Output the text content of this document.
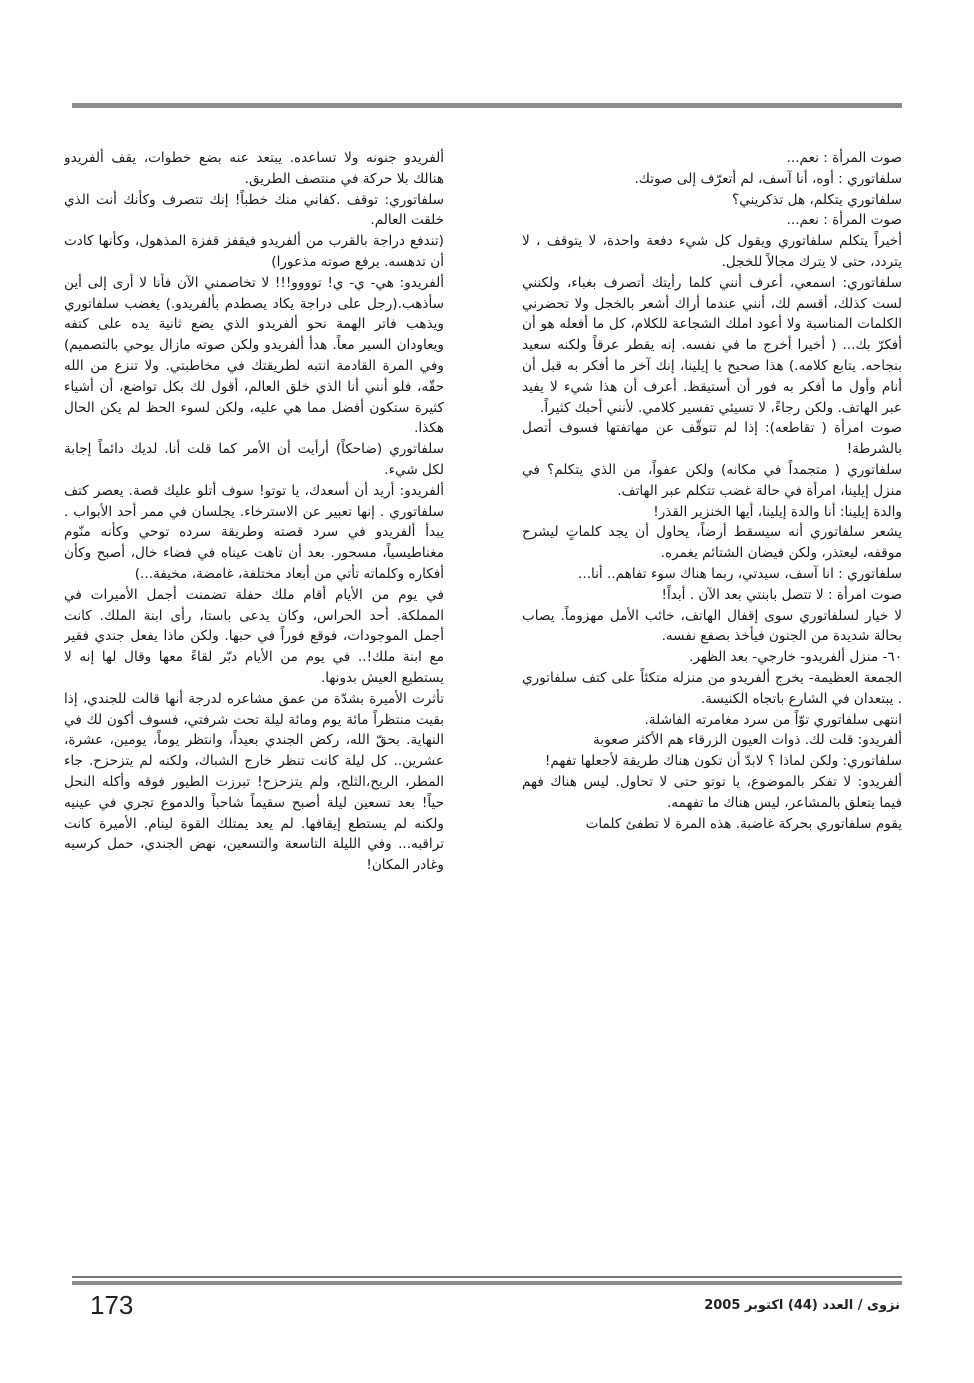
صوت المرأة : نعم...

سلفاتوري : أوه، أنا آسف، لم أتعرّف إلى صوتك.

سلفاتوري يتكلم، هل تذكريني؟

صوت المرأة : نعم...

أخيراً يتكلم سلفاتوري ويقول كل شيء دفعة واحدة، لا يتوقف ، لا يتردد، حتى لا يترك مجالاً للخجل.

سلفاتوري: اسمعي، أعرف أنني كلما رأيتك أتصرف بغباء، ولكنني لست كذلك، أقسم لك، أنني عندما أراك أشعر بالخجل ولا تحضرني الكلمات المناسبة ولا أعود املك الشجاعة للكلام، كل ما أفعله هو أن أفكرّ بك... ( أخيرا أخرج ما في نفسه. إنه يقطر عرقاً ولكنه سعيد بنجاحه. يتابع كلامه.) هذا صحيح يا إيلينا، إنك آخر ما أفكر به قبل أن أنام وأول ما أفكر به فور أن أستيقظ. أعرف أن هذا شيء لا يفيد عبر الهاتف. ولكن رجاءً، لا تسيئي تفسير كلامي. لأنني أحبك كثيراً.

صوت امرأة ( تقاطعه): إذا لم تتوقّف عن مهاتفتها فسوف أتصل بالشرطة!

سلفاتوري ( متجمداً في مكانه) ولكن عفواً، من الذي يتكلم؟ في منزل إيلينا، امرأة في حالة غضب تتكلم عبر الهاتف.

والدة إيلينا: أنا والدة إيلينا، أيها الخنزير القذر!

يشعر سلفاتوري أنه سيسقط أرضاً، يحاول أن يجد كلماتٍ ليشرح موقفه، ليعتذر، ولكن فيضان الشتائم يغمره.

سلفاتوري : انا آسف، سيدتي، ربما هناك سوء تفاهم.. أنا...

صوت امرأة : لا تتصل بابنتي بعد الآن . أبداً!

لا خيار لسلفاتوري سوى إقفال الهاتف، خائب الأمل مهزوماً. يصاب بحالة شديدة من الجنون فيأخذ بصفع نفسه.

٦٠- منزل ألفريدو- خارجي- بعد الظهر.

الجمعة العظيمة- يخرج ألفريدو من منزله متكئاً على كتف سلفاتوري . يبتعدان في الشارع باتجاه الكنيسة.

انتهى سلفاتوري توّاً من سرد مغامرته الفاشلة.

ألفريدو: قلت لك. ذوات العيون الزرقاء هم الأكثر صعوبة

سلفاتوري: ولكن لماذا ؟ لابدّ أن تكون هناك طريقة لأجعلها تفهم!

ألفريدو: لا تفكر بالموضوع، يا توتو حتى لا تحاول. ليس هناك فهم فيما يتعلق بالمشاعر، ليس هناك ما تفهمه.

يقوم سلفاتوري بحركة غاضبة. هذه المرة لا تطفئ كلمات

ألفريدو جنونه ولا تساعده. يبتعد عنه بضع خطوات، يقف ألفريدو هنالك بلا حركة في منتصف الطريق.

سلفاتوري: توقف .كفاني منك خطباً! إنك تتصرف وكأنك أنت الذي خلقت العالم.

(تندفع دراجة بالقرب من ألفريدو فيقفز قفزة المذهول، وكأنها كادت أن تدهسه. يرفع صوته مذعورا)

ألفريدو: هي- ي- ي! توووو!!! لا تخاصمني الآن فأنا لا أرى إلى أين سأذهب.(رجل على دراجة يكاد يصطدم بألفريدو.) يغضب سلفاتوري ويذهب فاتر الهمة نحو ألفريدو الذي يضع ثانية يده على كتفه ويعاودان السير معاً. هدأ ألفريدو ولكن صوته مازال يوحي بالتصميم) وفي المرة القادمة انتبه لطريقتك في مخاطبتي. ولا تنزع من الله حقّه، فلو أنني أنا الذي خلق العالم، أقول لك بكل تواضع، أن أشياء كثيرة ستكون أفضل مما هي عليه، ولكن لسوء الحظ لم يكن الحال هكذا.

سلفاتوري (ضاحكاً) أرأيت أن الأمر كما قلت أنا. لديك دائماً إجابة لكل شيء.

ألفريدو: أريد أن أسعدك، يا توتو! سوف أتلو عليك قصة. يعصر كتف سلفاتوري . إنها تعبير عن الاسترخاء. يجلسان في ممر أحد الأبواب . يبدأ ألفريدو في سرد قصته وطريقة سرده توحي وكأنه منّوم مغناطيسياً، مسحور. بعد أن تاهت عيناه في فضاء خال، أصبح وكأن أفكاره وكلماته تأتي من أبعاد مختلفة، غامضة، مخيفة...)

في يوم من الأيام أقام ملك حفلة تضمنت أجمل الأميرات في المملكة. أحد الحراس، وكان يدعى باستا، رأى ابنة الملك. كانت أجمل الموجودات، فوقع فوراً في حبها. ولكن ماذا يفعل جندي فقير مع ابنة ملك!.. في يوم من الأيام دبّر لقاءً معها وقال لها إنه لا يستطيع العيش بدونها.

تأثرت الأميرة بشدّة من عمق مشاعره لدرجة أنها قالت للجندي، إذا بقيت منتظراً مائة يوم ومائة ليلة تحت شرفتي، فسوف أكون لك في النهاية. بحقّ الله، ركض الجندي بعيداً، وانتظر يوماً، يومين، عشرة، عشرين.. كل ليلة كانت تنظر خارج الشباك، ولكنه لم يتزحزح. جاء المطر، الريح،الثلج، ولم يتزحزح! تبرزت الطيور فوقه وأكله النحل حياً! بعد تسعين ليلة أصبح سقيماً شاحباً والدموع تجري في عينيه ولكنه لم يستطع إيقافها. لم يعد يمتلك القوة لينام. الأميرة كانت تراقبه... وفي الليلة التاسعة والتسعين، نهض الجندي، حمل كرسيه وغادر المكان!

173	نزوى / العدد (44) اكتوبر 2005
